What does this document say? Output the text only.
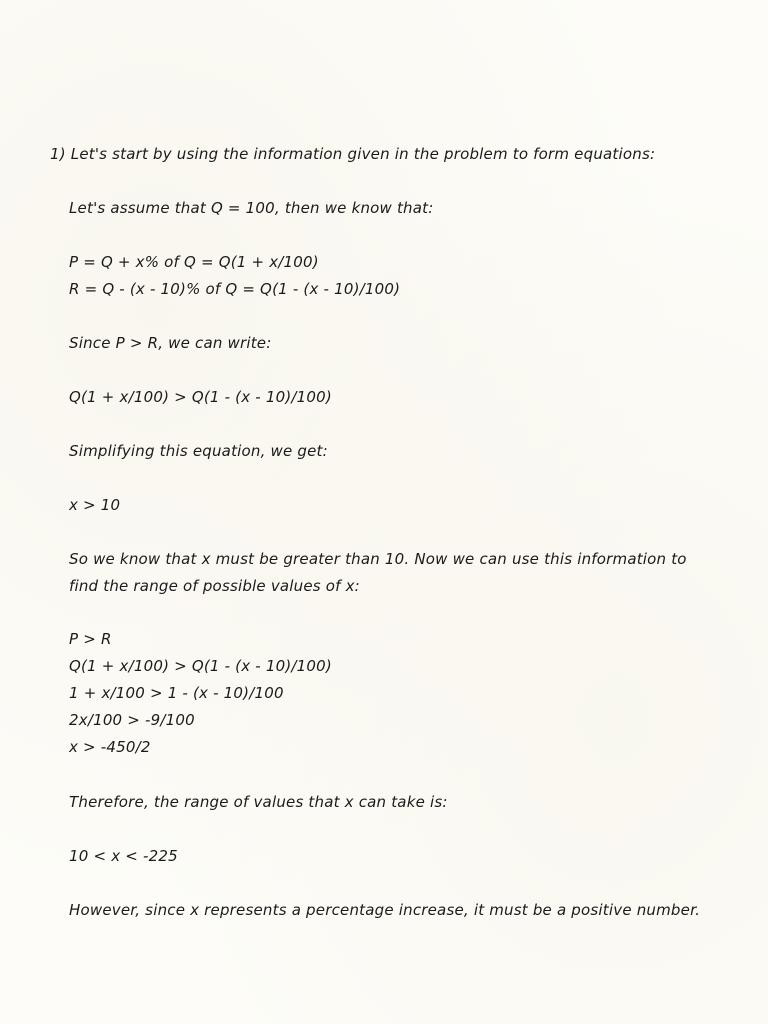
1) Let's start by using the information given in the problem to form equations:
Let's assume that Q = 100, then we know that:
P = Q + x% of Q = Q(1 + x/100)
R = Q - (x - 10)% of Q = Q(1 - (x - 10)/100)
Since P > R, we can write:
Q(1 + x/100) > Q(1 - (x - 10)/100)
Simplifying this equation, we get:
x > 10
So we know that x must be greater than 10. Now we can use this information to
find the range of possible values of x:
P > R
Q(1 + x/100) > Q(1 - (x - 10)/100)
1 + x/100 > 1 - (x - 10)/100
2x/100 > -9/100
x > -450/2
Therefore, the range of values that x can take is:
10 < x < -225
However, since x represents a percentage increase, it must be a positive number.
